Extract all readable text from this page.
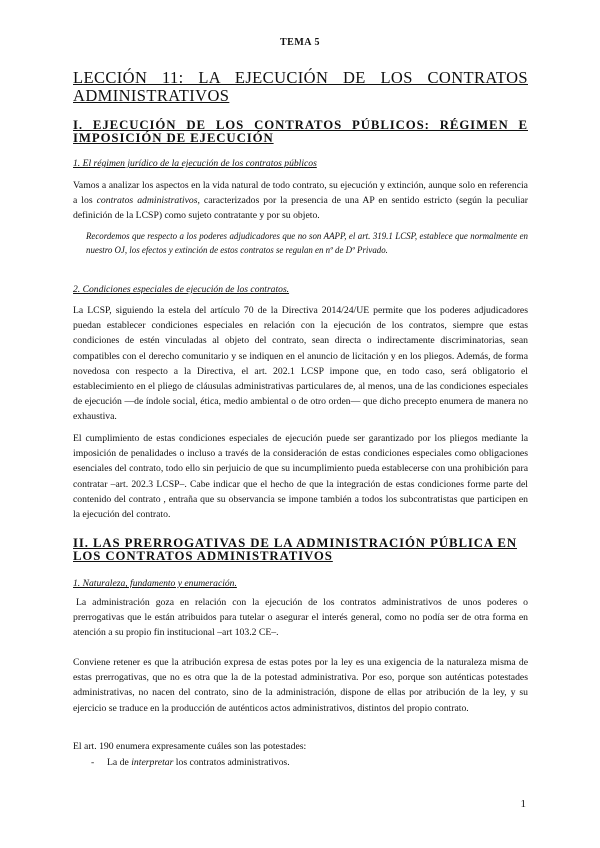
TEMA 5
LECCIÓN 11: LA EJECUCIÓN DE LOS CONTRATOS ADMINISTRATIVOS
I. EJECUCIÓN DE LOS CONTRATOS PÚBLICOS: RÉGIMEN E IMPOSICIÓN DE EJECUCIÓN
1. El régimen jurídico de la ejecución de los contratos públicos
Vamos a analizar los aspectos en la vida natural de todo contrato, su ejecución y extinción, aunque solo en referencia a los contratos administrativos, caracterizados por la presencia de una AP en sentido estricto (según la peculiar definición de la LCSP) como sujeto contratante y por su objeto.
Recordemos que respecto a los poderes adjudicadores que no son AAPP, el art. 319.1 LCSP, establece que normalmente en nuestro OJ, los efectos y extinción de estos contratos se regulan en nº de Dº Privado.
2. Condiciones especiales de ejecución de los contratos.
La LCSP, siguiendo la estela del artículo 70 de la Directiva 2014/24/UE permite que los poderes adjudicadores puedan establecer condiciones especiales en relación con la ejecución de los contratos, siempre que estas condiciones de estén vinculadas al objeto del contrato, sean directa o indirectamente discriminatorias, sean compatibles con el derecho comunitario y se indiquen en el anuncio de licitación y en los pliegos. Además, de forma novedosa con respecto a la Directiva, el art. 202.1 LCSP impone que, en todo caso, será obligatorio el establecimiento en el pliego de cláusulas administrativas particulares de, al menos, una de las condiciones especiales de ejecución —de índole social, ética, medio ambiental o de otro orden— que dicho precepto enumera de manera no exhaustiva.
El cumplimiento de estas condiciones especiales de ejecución puede ser garantizado por los pliegos mediante la imposición de penalidades o incluso a través de la consideración de estas condiciones especiales como obligaciones esenciales del contrato, todo ello sin perjuicio de que su incumplimiento pueda establecerse con una prohibición para contratar –art. 202.3 LCSP–. Cabe indicar que el hecho de que la integración de estas condiciones forme parte del contenido del contrato , entraña que su observancia se impone también a todos los subcontratistas que participen en la ejecución del contrato.
II. LAS PRERROGATIVAS DE LA ADMINISTRACIÓN PÚBLICA EN LOS CONTRATOS ADMINISTRATIVOS
1. Naturaleza, fundamento y enumeración.
La administración goza en relación con la ejecución de los contratos administrativos de unos poderes o prerrogativas que le están atribuidos para tutelar o asegurar el interés general, como no podía ser de otra forma en atención a su propio fin institucional –art 103.2 CE–.
Conviene retener es que la atribución expresa de estas potes por la ley es una exigencia de la naturaleza misma de estas prerrogativas, que no es otra que la de la potestad administrativa. Por eso, porque son auténticas potestades administrativas, no nacen del contrato, sino de la administración, dispone de ellas por atribución de la ley, y su ejercicio se traduce en la producción de auténticos actos administrativos, distintos del propio contrato.
El art. 190 enumera expresamente cuáles son las potestades:
- La de interpretar los contratos administrativos.
1
